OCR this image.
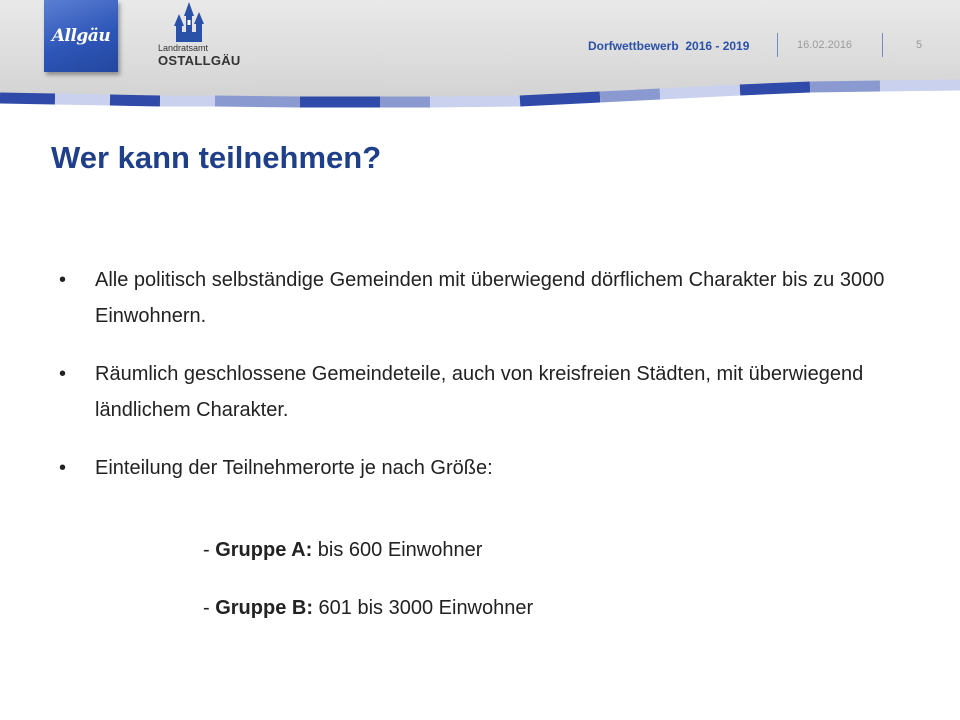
Allgäu
Landratsamt
OSTALLGÄU
Dorfwettbewerb  2016 - 2019	16.02.2016	5
Wer kann teilnehmen?
• Alle politisch selbständige Gemeinden mit überwiegend dörflichem Charakter bis zu 3000 Einwohnern.
• Räumlich geschlossene Gemeindeteile, auch von kreisfreien Städten, mit überwiegend ländlichem Charakter.
• Einteilung der Teilnehmerorte je nach Größe:
- Gruppe A: bis 600 Einwohner
- Gruppe B: 601 bis 3000 Einwohner
